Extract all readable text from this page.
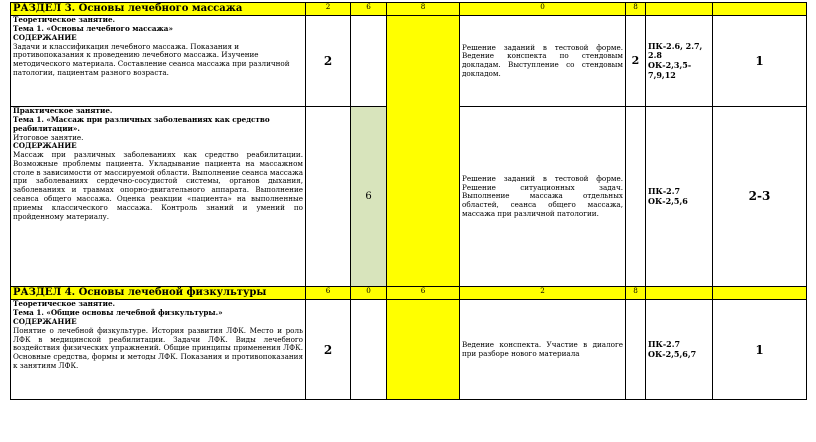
РАЗДЕЛ 3. Основы лечебного массажа	2	6	8	0	8		

Теоретическое занятие.
Тема 1. «Основы лечебного массажа»
СОДЕРЖАНИЕ
Задачи и классификация лечебного массажа. Показания и противопоказания к проведению лечебного массажа. Изучение методического материала. Составление сеанса массажа при различной патологии, пациентам разного возраста.	2			Решение заданий в тестовой форме. Ведение конспекта по стендовым докладам. Выступление со стендовым докладом.	2	ПК-2.6, 2.7, 2.8
ОК-2,3,5-7,9,12	1

Практическое занятие.
Тема 1. «Массаж при различных заболеваниях как средство реабилитации».
Итоговое занятие.
СОДЕРЖАНИЕ
Массаж при различных заболеваниях как средство реабилитации. Возможные проблемы пациента. Укладывание пациента на массажном столе в зависимости от массируемой области. Выполнение сеанса массажа при заболеваниях сердечно-сосудистой системы, органов дыхания, заболеваниях и травмах опорно-двигательного аппарата. Выполнение сеанса общего массажа. Оценка реакции «пациента» на выполненные приемы классического массажа. Контроль знаний и умений по пройденному материалу.		6		Решение заданий в тестовой форме. Решение ситуационных задач. Выполнение массажа отдельных областей, сеанса общего массажа, массажа при различной патологии.		ПК-2.7
ОК-2,5,6	2-3
РАЗДЕЛ 4. Основы лечебной физкультуры	6	0	6	2	8		

Теоретическое занятие.
Тема 1. «Общие основы лечебной физкультуры.»
СОДЕРЖАНИЕ
Понятие о лечебной физкультуре. История развития ЛФК. Место и роль ЛФК в медицинской реабилитации. Задачи ЛФК. Виды лечебного воздействия физических упражнений. Общие принципы применения ЛФК. Основные средства, формы и методы ЛФК. Показания и противопоказания к занятиям ЛФК.	2			Ведение конспекта. Участие в диалоге при разборе нового материала		ПК-2.7
ОК-2,5,6,7	1
